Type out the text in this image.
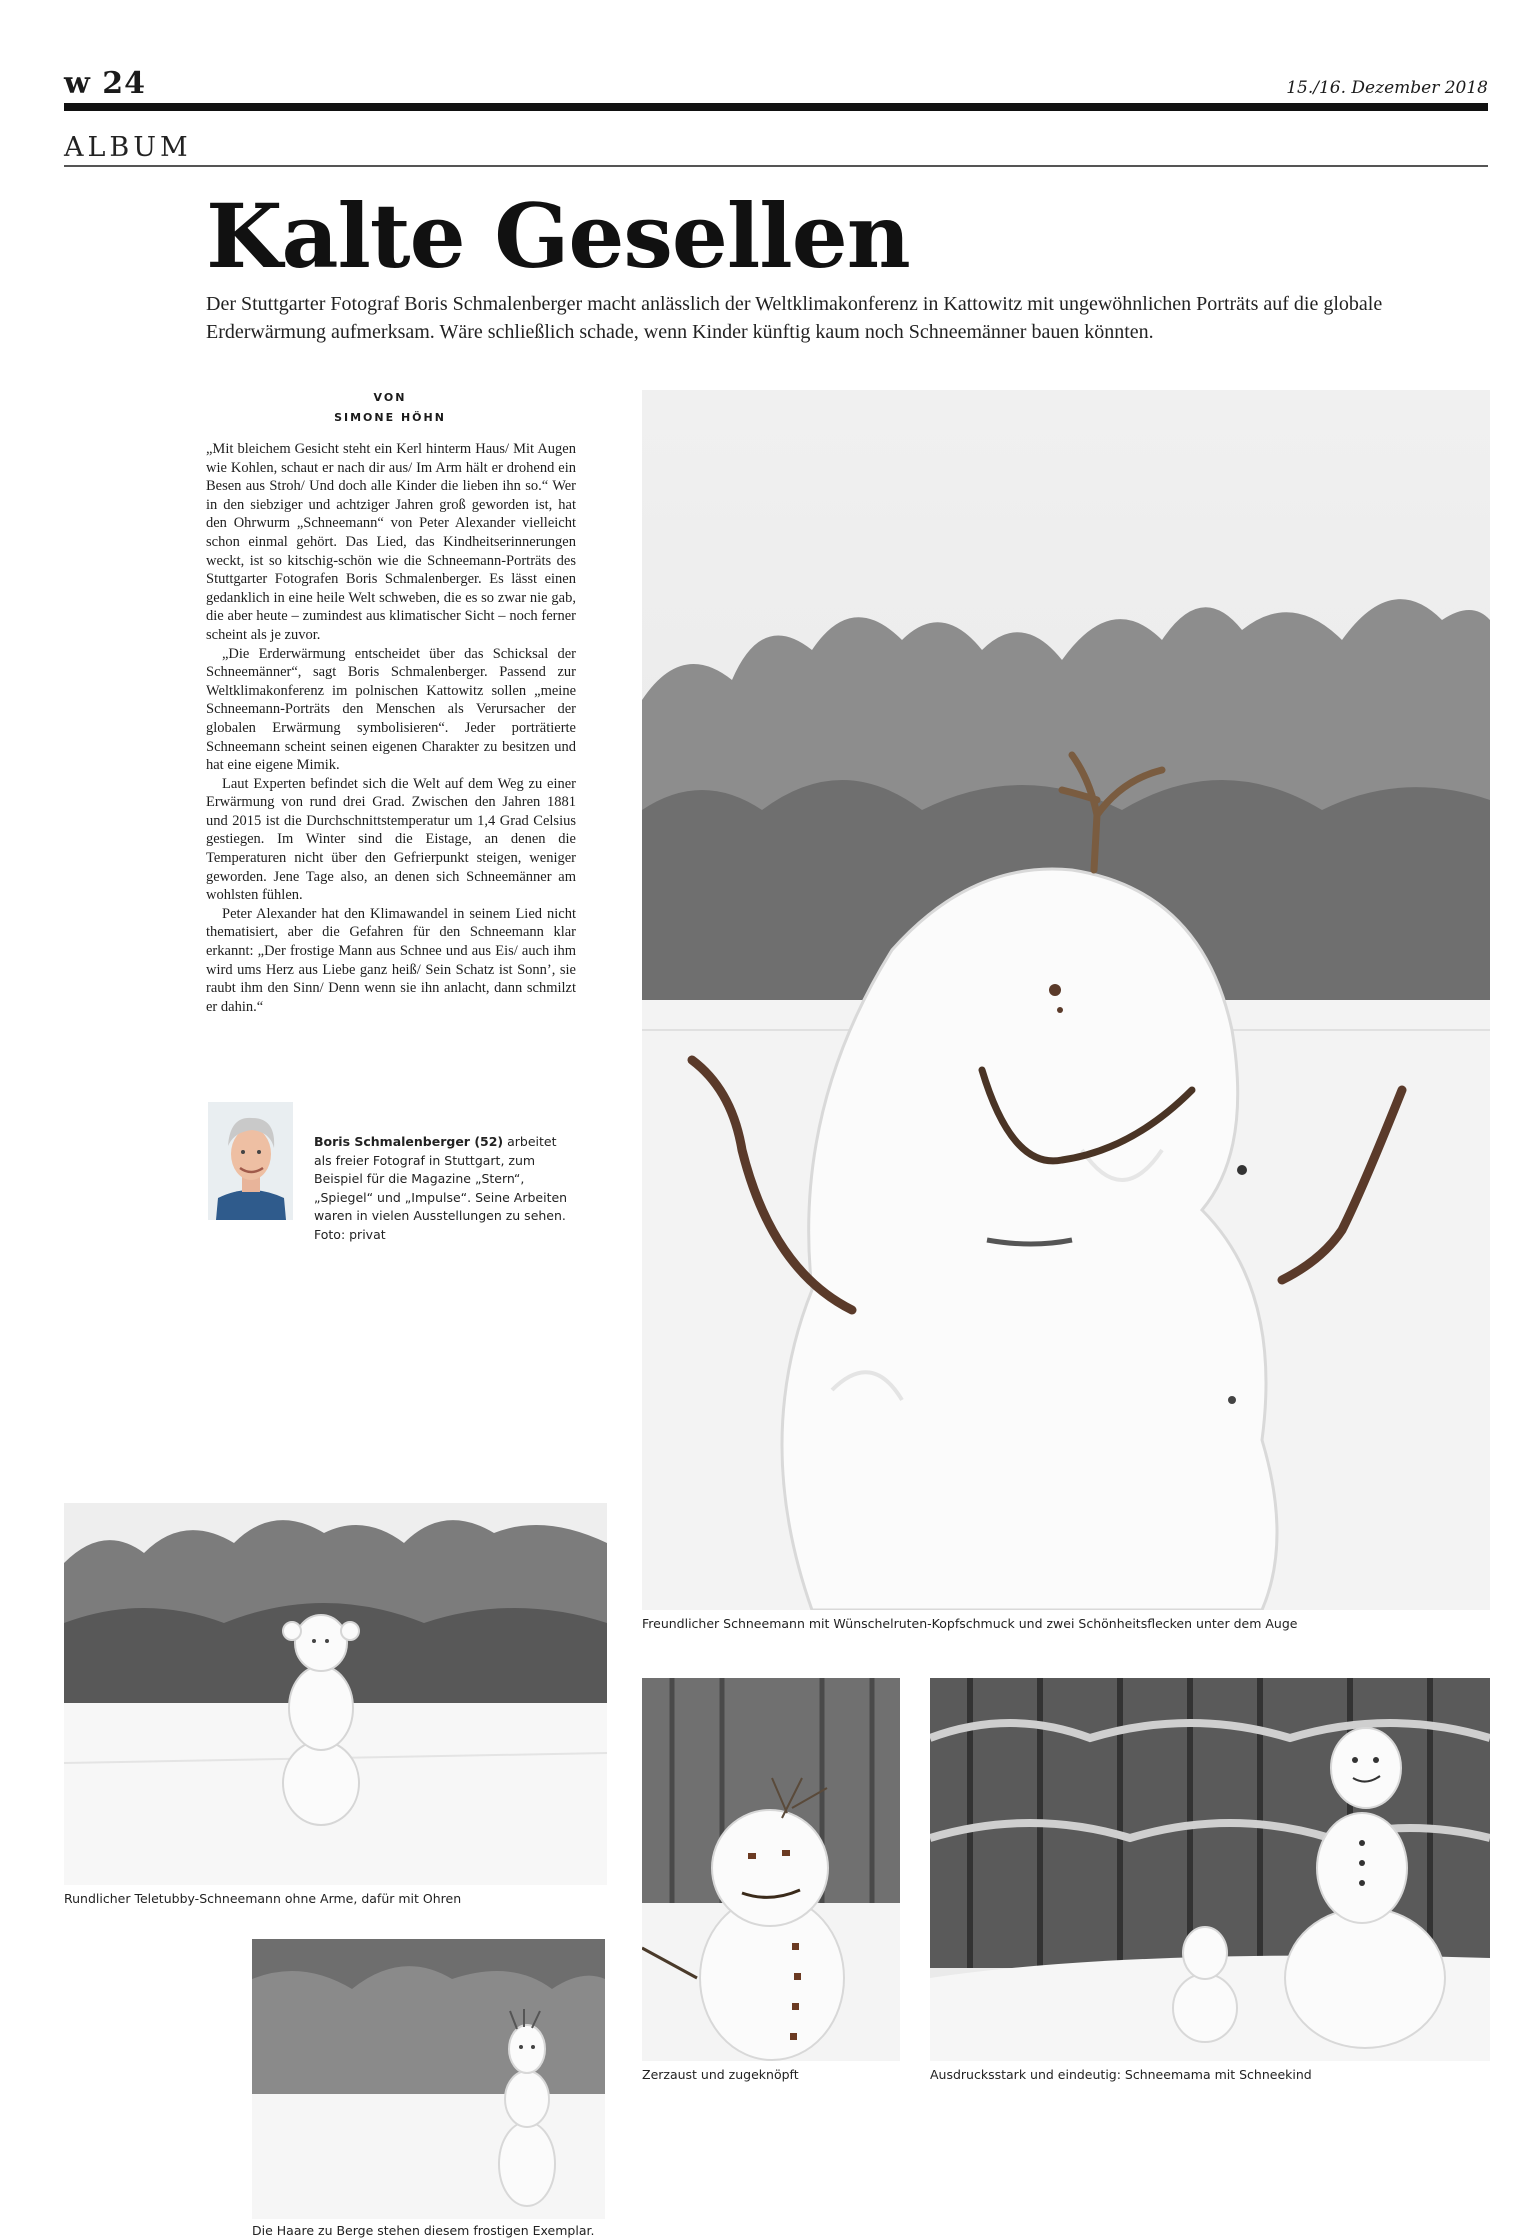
w 24	15./16. Dezember 2018
ALBUM
Kalte Gesellen

Der Stuttgarter Fotograf Boris Schmalenberger macht anlässlich der Weltklimakonferenz in Kattowitz mit ungewöhnlichen Porträts auf die globale Erderwärmung aufmerksam. Wäre schließlich schade, wenn Kinder künftig kaum noch Schneemänner bauen könnten.

VON
SIMONE HÖHN

„Mit bleichem Gesicht steht ein Kerl hinterm Haus/ Mit Augen wie Kohlen, schaut er nach dir aus/ Im Arm hält er drohend ein Besen aus Stroh/ Und doch alle Kinder die lieben ihn so.“ Wer in den siebziger und achtziger Jahren groß geworden ist, hat den Ohrwurm „Schneemann“ von Peter Alexander vielleicht schon einmal gehört. Das Lied, das Kindheitserinnerungen weckt, ist so kitschig-schön wie die Schneemann-Porträts des Stuttgarter Fotografen Boris Schmalenberger. Es lässt einen gedanklich in eine heile Welt schweben, die es so zwar nie gab, die aber heute – zumindest aus klimatischer Sicht – noch ferner scheint als je zuvor.

„Die Erderwärmung entscheidet über das Schicksal der Schneemänner“, sagt Boris Schmalenberger. Passend zur Weltklimakonferenz im polnischen Kattowitz sollen „meine Schneemann-Porträts den Menschen als Verursacher der globalen Erwärmung symbolisieren“. Jeder porträtierte Schneemann scheint seinen eigenen Charakter zu besitzen und hat eine eigene Mimik.

Laut Experten befindet sich die Welt auf dem Weg zu einer Erwärmung von rund drei Grad. Zwischen den Jahren 1881 und 2015 ist die Durchschnittstemperatur um 1,4 Grad Celsius gestiegen. Im Winter sind die Eistage, an denen die Temperaturen nicht über den Gefrierpunkt steigen, weniger geworden. Jene Tage also, an denen sich Schneemänner am wohlsten fühlen.

Peter Alexander hat den Klimawandel in seinem Lied nicht thematisiert, aber die Gefahren für den Schneemann klar erkannt: „Der frostige Mann aus Schnee und aus Eis/ auch ihm wird ums Herz aus Liebe ganz heiß/ Sein Schatz ist Sonn’, sie raubt ihm den Sinn/ Denn wenn sie ihn anlacht, dann schmilzt er dahin.“

Boris Schmalenberger (52) arbeitet als freier Fotograf in Stuttgart, zum Beispiel für die Magazine „Stern“, „Spiegel“ und „Impulse“. Seine Arbeiten waren in vielen Ausstellungen zu sehen. Foto: privat
Freundlicher Schneemann mit Wünschelruten-Kopfschmuck und zwei Schönheitsflecken unter dem Auge
Rundlicher Teletubby-Schneemann ohne Arme, dafür mit Ohren
Die Haare zu Berge stehen diesem frostigen Exemplar.
Zerzaust und zugeknöpft	Ausdrucksstark und eindeutig: Schneemama mit Schneekind
